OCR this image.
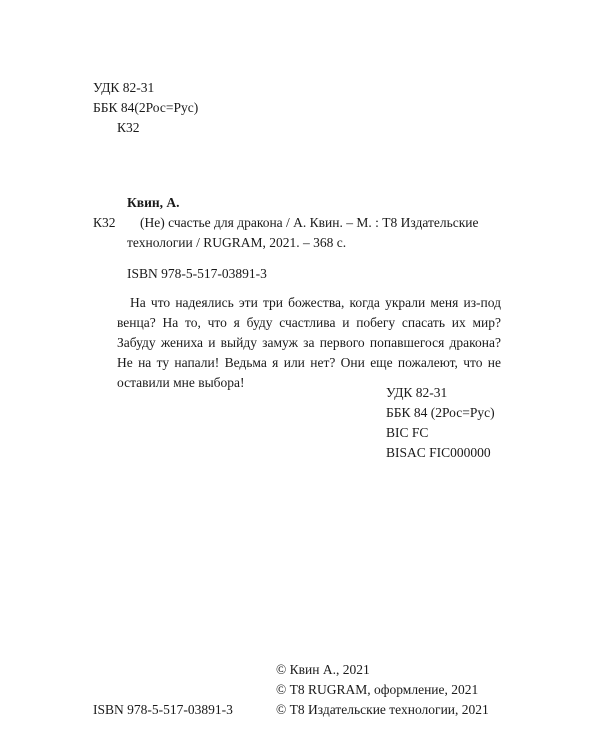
УДК 82-31
ББК 84(2Рос=Рус)
К32
Квин, А.
К32 (Не) счастье для дракона / А. Квин. – М. : Т8 Издательские
технологии / RUGRAM, 2021. – 368 с.
ISBN 978-5-517-03891-3
На что надеялись эти три божества, когда украли меня из-под венца? На то, что я буду счастлива и побегу спасать их мир? Забуду жениха и выйду замуж за первого попавшегося дракона? Не на ту напали! Ведьма я или нет? Они еще пожалеют, что не оставили мне выбора!
УДК 82-31
ББК 84 (2Рос=Рус)
BIC FC
BISAC FIC000000
© Квин А., 2021
© Т8 RUGRAM, оформление, 2021
© Т8 Издательские технологии, 2021
ISBN 978-5-517-03891-3
